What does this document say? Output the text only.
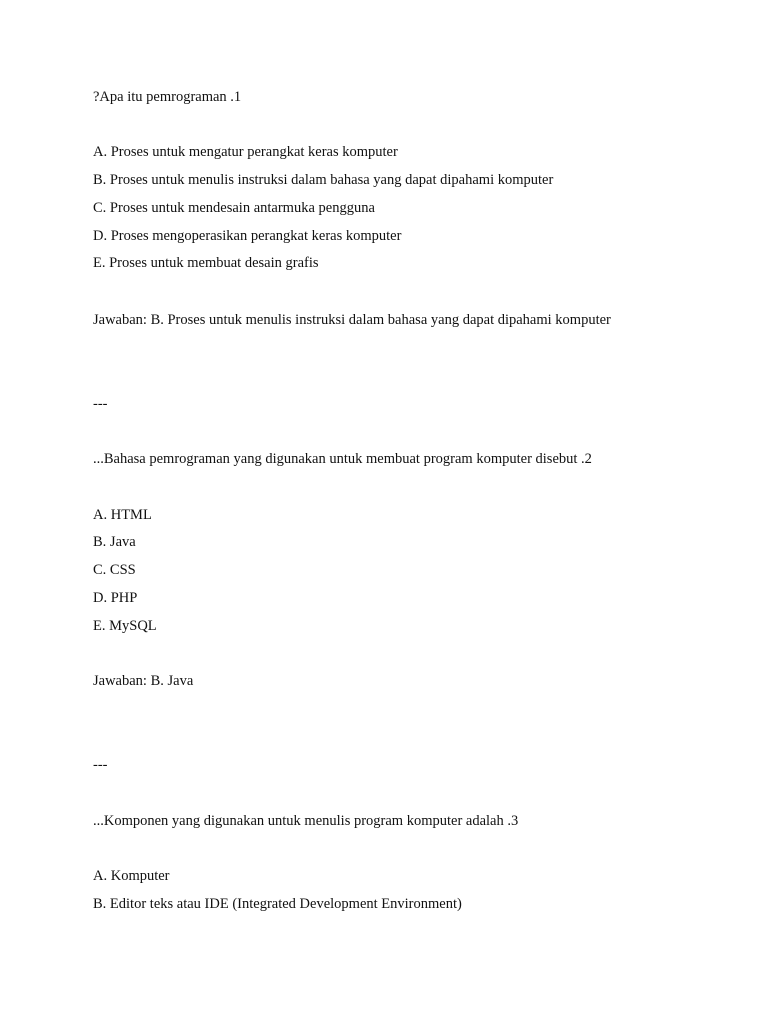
?Apa itu pemrograman .1
A. Proses untuk mengatur perangkat keras komputer
B. Proses untuk menulis instruksi dalam bahasa yang dapat dipahami komputer
C. Proses untuk mendesain antarmuka pengguna
D. Proses mengoperasikan perangkat keras komputer
E. Proses untuk membuat desain grafis
Jawaban: B. Proses untuk menulis instruksi dalam bahasa yang dapat dipahami komputer
---
...Bahasa pemrograman yang digunakan untuk membuat program komputer disebut .2
A. HTML
B. Java
C. CSS
D. PHP
E. MySQL
Jawaban: B. Java
---
...Komponen yang digunakan untuk menulis program komputer adalah .3
A. Komputer
B. Editor teks atau IDE (Integrated Development Environment)
